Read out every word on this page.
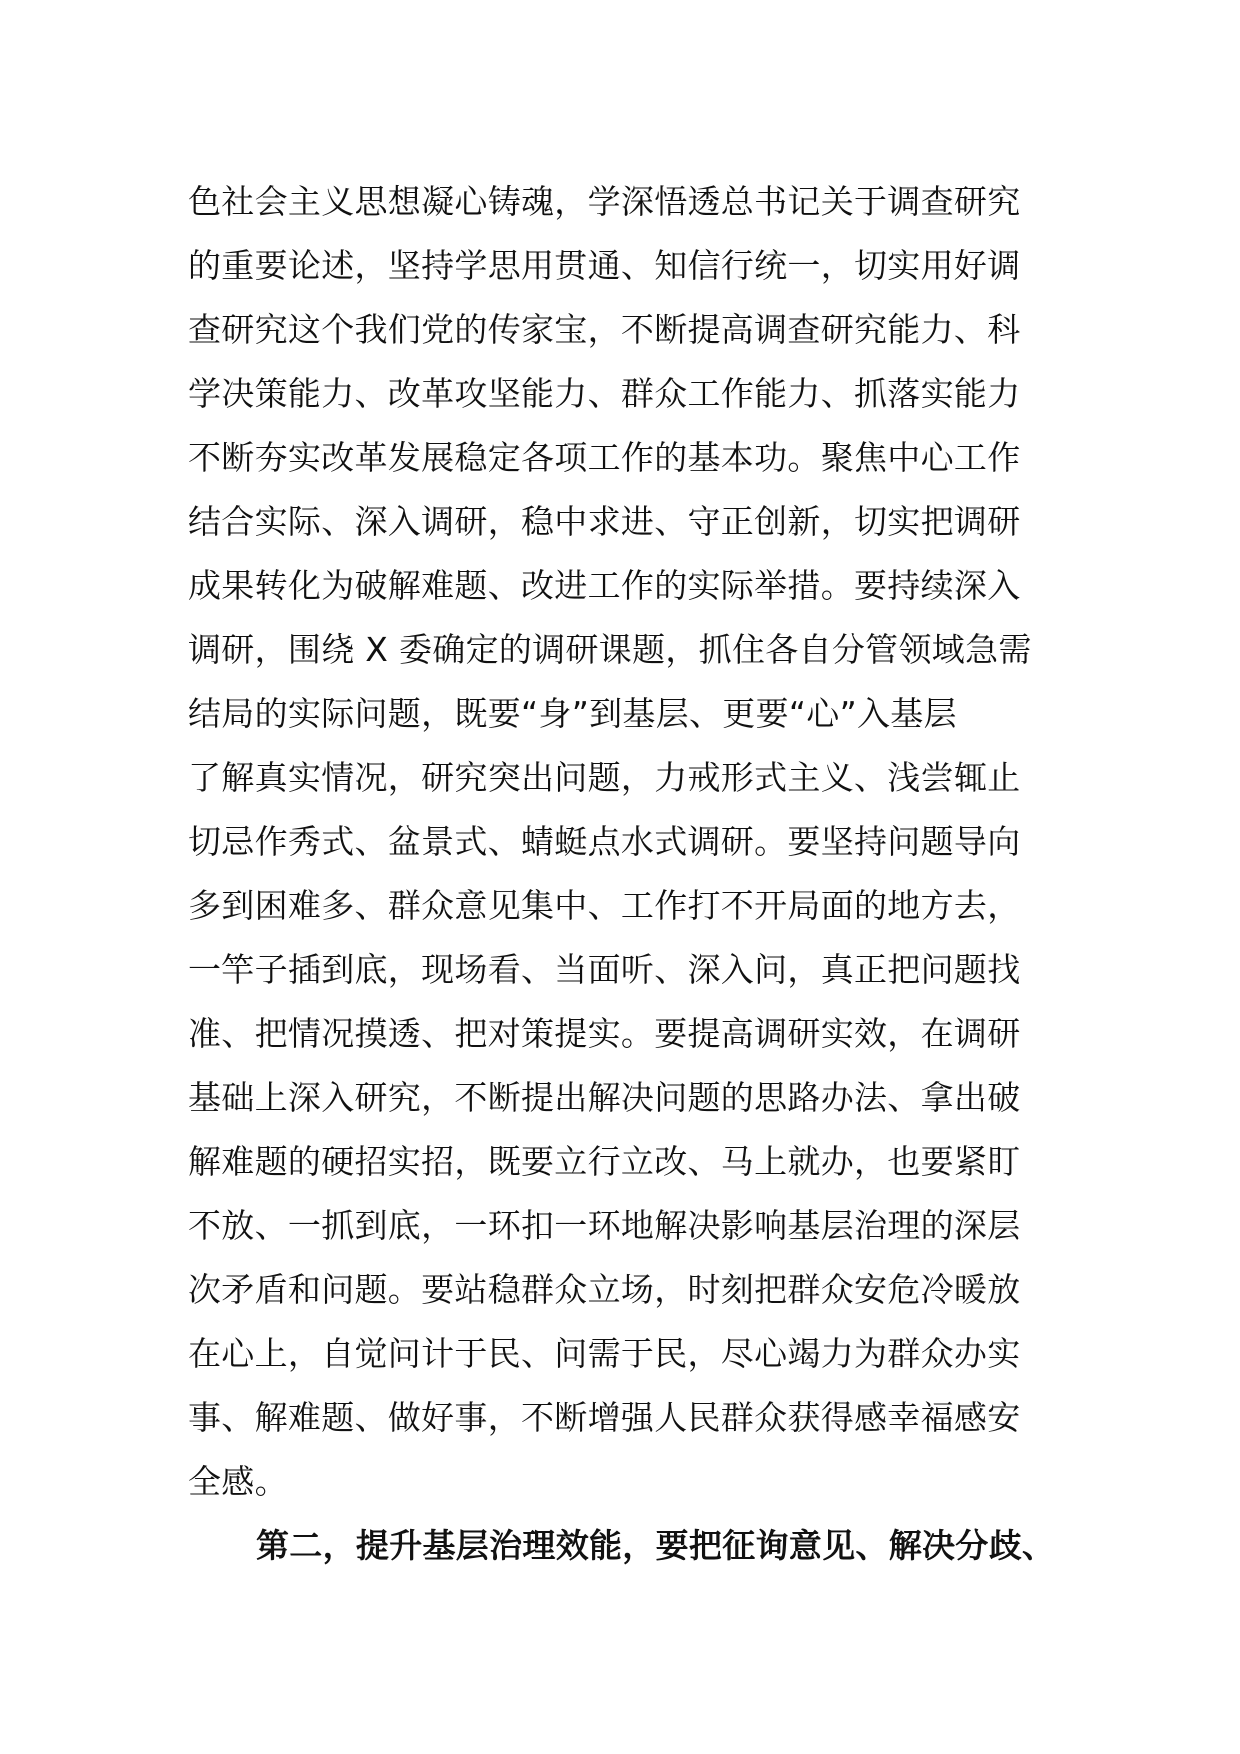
色社会主义思想凝心铸魂，学深悟透总书记关于调查研究
的重要论述，坚持学思用贯通、知信行统一，切实用好调
查研究这个我们党的传家宝，不断提高调查研究能力、科
学决策能力、改革攻坚能力、群众工作能力、抓落实能力
不断夯实改革发展稳定各项工作的基本功。聚焦中心工作
结合实际、深入调研，稳中求进、守正创新，切实把调研
成果转化为破解难题、改进工作的实际举措。要持续深入
调研，围绕 X 委确定的调研课题，抓住各自分管领域急需
结局的实际问题，既要“身”到基层、更要“心”入基层
了解真实情况，研究突出问题，力戒形式主义、浅尝辄止
切忌作秀式、盆景式、蜻蜓点水式调研。要坚持问题导向
多到困难多、群众意见集中、工作打不开局面的地方去，
一竿子插到底，现场看、当面听、深入问，真正把问题找
准、把情况摸透、把对策提实。要提高调研实效，在调研
基础上深入研究，不断提出解决问题的思路办法、拿出破
解难题的硬招实招，既要立行立改、马上就办，也要紧盯
不放、一抓到底，一环扣一环地解决影响基层治理的深层
次矛盾和问题。要站稳群众立场，时刻把群众安危冷暖放
在心上，自觉问计于民、问需于民，尽心竭力为群众办实
事、解难题、做好事，不断增强人民群众获得感幸福感安
全感。
第二，提升基层治理效能，要把征询意见、解决分歧、
